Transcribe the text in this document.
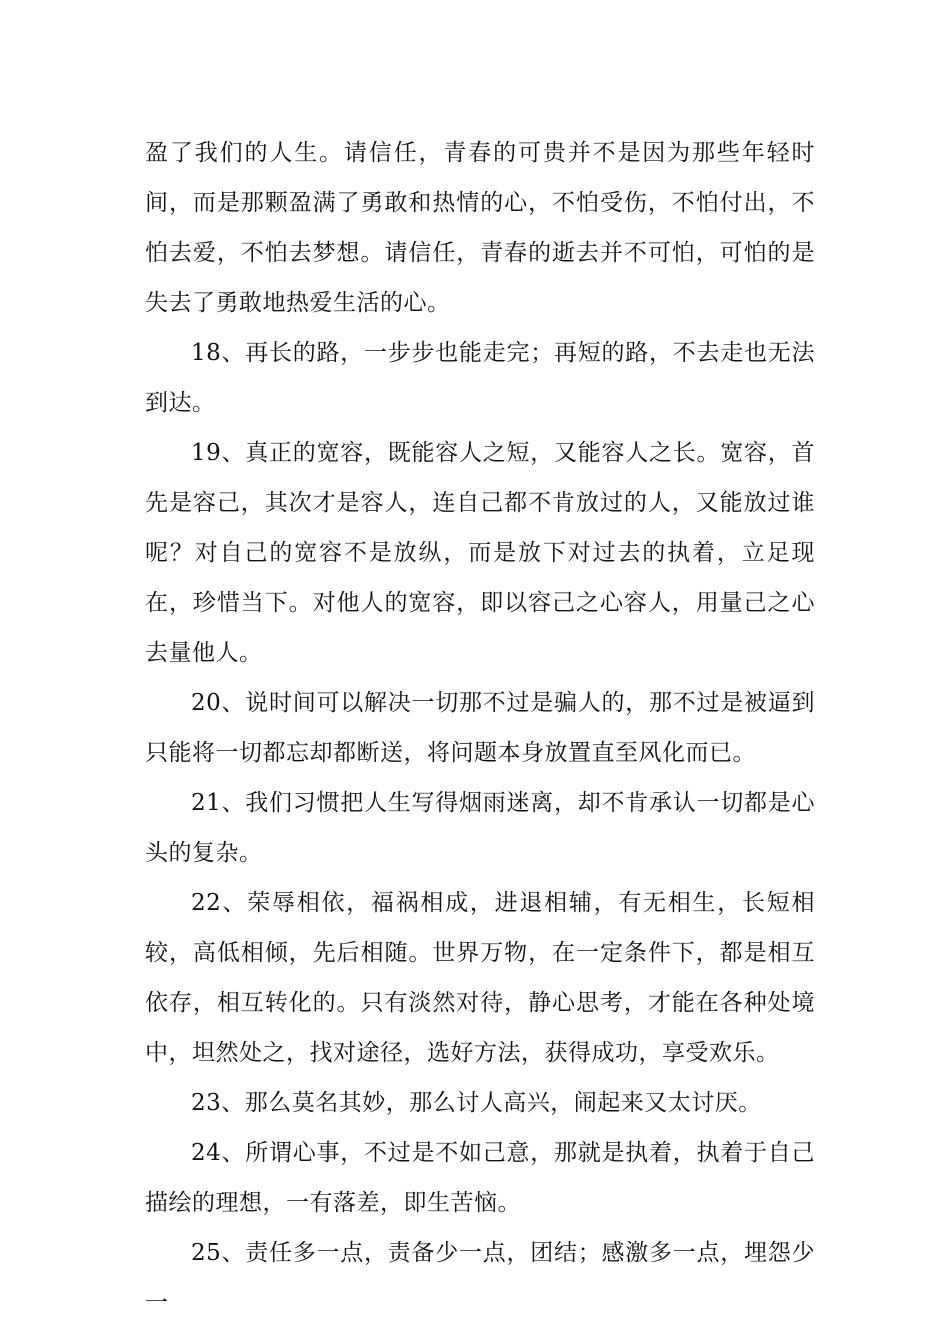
盈了我们的人生。请信任，青春的可贵并不是因为那些年轻时间，而是那颗盈满了勇敢和热情的心，不怕受伤，不怕付出，不怕去爱，不怕去梦想。请信任，青春的逝去并不可怕，可怕的是失去了勇敢地热爱生活的心。

18、再长的路，一步步也能走完；再短的路，不去走也无法到达。

19、真正的宽容，既能容人之短，又能容人之长。宽容，首先是容己，其次才是容人，连自己都不肯放过的人，又能放过谁呢？对自己的宽容不是放纵，而是放下对过去的执着，立足现在，珍惜当下。对他人的宽容，即以容己之心容人，用量己之心去量他人。

20、说时间可以解决一切那不过是骗人的，那不过是被逼到只能将一切都忘却都断送，将问题本身放置直至风化而已。

21、我们习惯把人生写得烟雨迷离，却不肯承认一切都是心头的复杂。

22、荣辱相依，福祸相成，进退相辅，有无相生，长短相较，高低相倾，先后相随。世界万物，在一定条件下，都是相互依存，相互转化的。只有淡然对待，静心思考，才能在各种处境中，坦然处之，找对途径，选好方法，获得成功，享受欢乐。

23、那么莫名其妙，那么讨人高兴，闹起来又太讨厌。

24、所谓心事，不过是不如己意，那就是执着，执着于自己描绘的理想，一有落差，即生苦恼。

25、责任多一点，责备少一点，团结；感激多一点，埋怨少一
